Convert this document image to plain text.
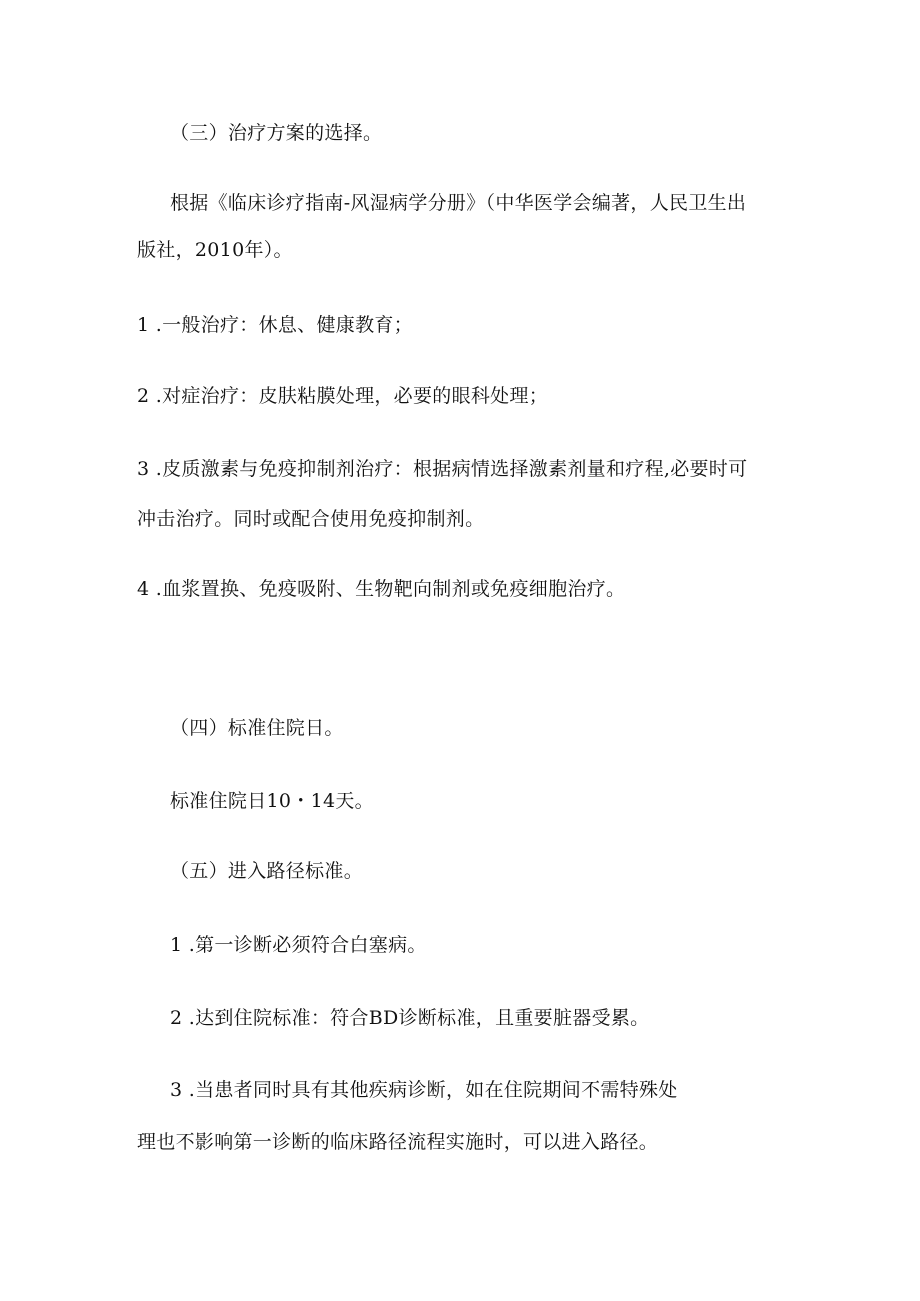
（三）治疗方案的选择。
根据《临床诊疗指南-风湿病学分册》（中华医学会编著，人民卫生出
版社，2010年）。
1 .一般治疗：休息、健康教育；
2 .对症治疗：皮肤粘膜处理，必要的眼科处理；
3 .皮质激素与免疫抑制剂治疗：根据病情选择激素剂量和疗程,必要时可
冲击治疗。同时或配合使用免疫抑制剂。
4 .血浆置换、免疫吸附、生物靶向制剂或免疫细胞治疗。
（四）标准住院日。
标准住院日10・14天。
（五）进入路径标准。
1 .第一诊断必须符合白塞病。
2 .达到住院标准：符合BD诊断标准，且重要脏器受累。
3 .当患者同时具有其他疾病诊断，如在住院期间不需特殊处
理也不影响第一诊断的临床路径流程实施时，可以进入路径。
